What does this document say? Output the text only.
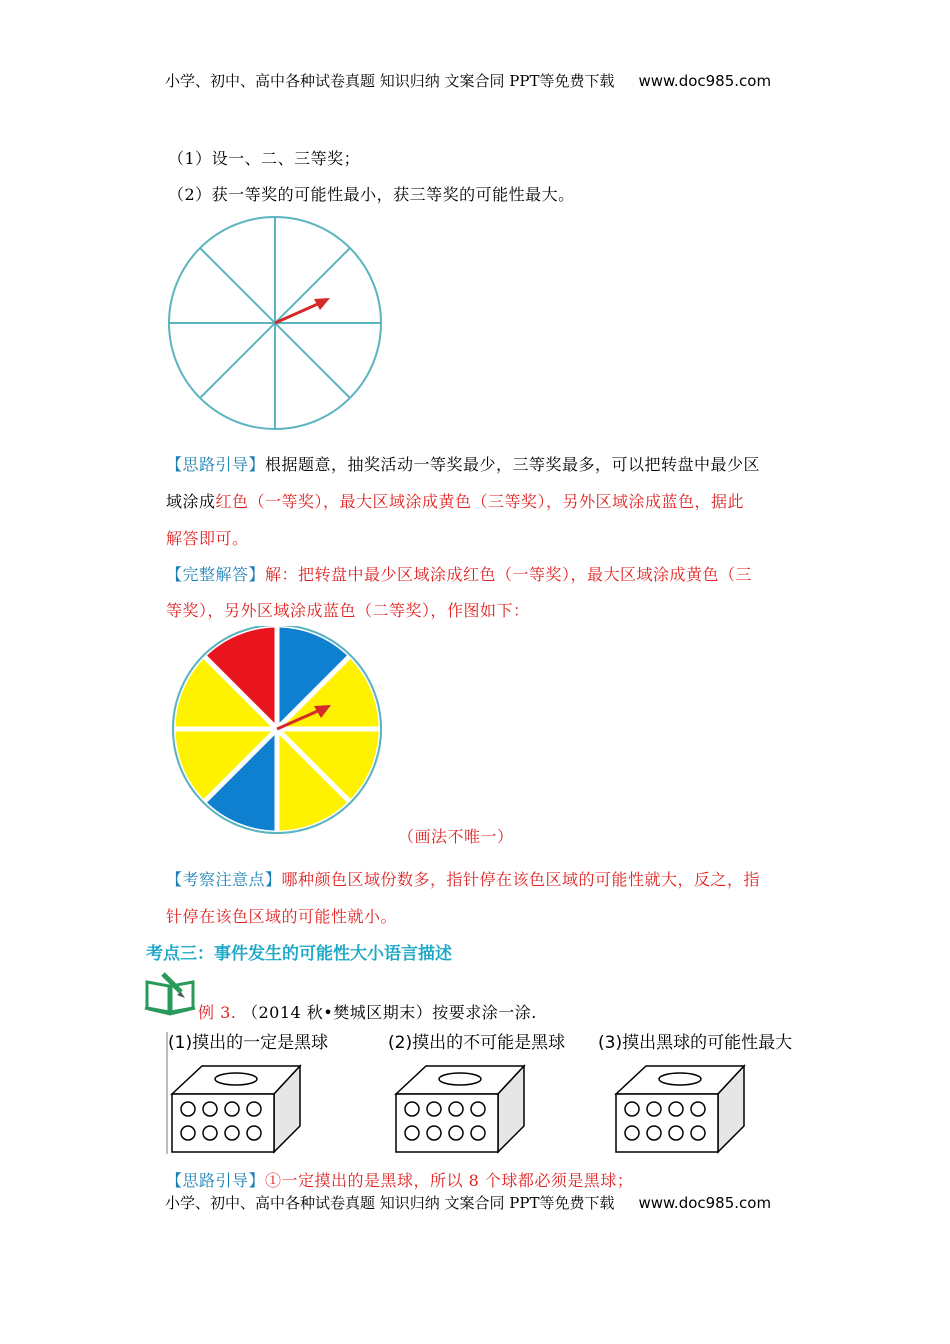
小学、初中、高中各种试卷真题 知识归纳 文案合同 PPT等免费下载 www.doc985.com
（1）设一、二、三等奖；
（2）获一等奖的可能性最小，获三等奖的可能性最大。
【思路引导】根据题意，抽奖活动一等奖最少，三等奖最多，可以把转盘中最少区
域涂成红色（一等奖），最大区域涂成黄色（三等奖），另外区域涂成蓝色，据此
解答即可。
【完整解答】解：把转盘中最少区域涂成红色（一等奖），最大区域涂成黄色（三
等奖），另外区域涂成蓝色（二等奖），作图如下：
（画法不唯一）
【考察注意点】哪种颜色区域份数多，指针停在该色区域的可能性就大，反之，指
针停在该色区域的可能性就小。
考点三：事件发生的可能性大小语言描述
例 3. （2014 秋•樊城区期末）按要求涂一涂.
(1)摸出的一定是黑球	(2)摸出的不可能是黑球 (3)摸出黑球的可能性最大
【思路引导】①一定摸出的是黑球，所以 8 个球都必须是黑球；
小学、初中、高中各种试卷真题 知识归纳 文案合同 PPT等免费下载 www.doc985.com
